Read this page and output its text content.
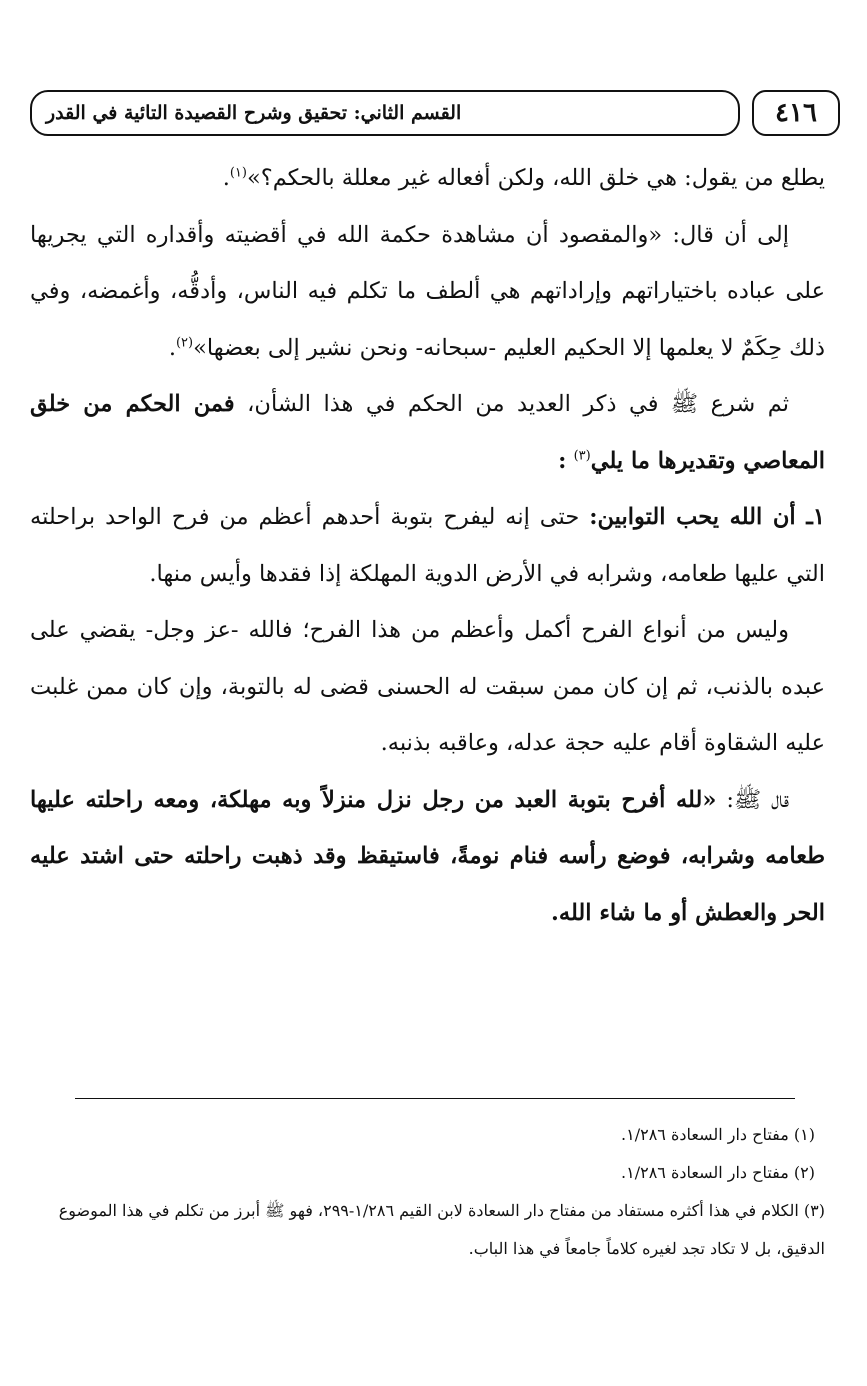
٤١٦
القسم الثاني: تحقيق وشرح القصيدة التائية في القدر

يطلع من يقول: هي خلق الله، ولكن أفعاله غير معللة بالحكم؟»$^{(١)}$.

إلى أن قال: «والمقصود أن مشاهدة حكمة الله في أقضيته وأقداره التي يجريها على عباده باختياراتهم وإراداتهم هي ألطف ما تكلم فيه الناس، وأدقُّه، وأغمضه، وفي ذلك حِكَمٌ لا يعلمها إلا الحكيم العليم -سبحانه- ونحن نشير إلى بعضها»$^{(٢)}$.

ثم شرع ﷺ في ذكر العديد من الحكم في هذا الشأن، فمن الحكم من خلق المعاصي وتقديرها ما يلي$^{(٣)}$ :

١ـ أن الله يحب التوابين: حتى إنه ليفرح بتوبة أحدهم أعظم من فرح الواحد براحلته التي عليها طعامه، وشرابه في الأرض الدوية المهلكة إذا فقدها وأيس منها.

وليس من أنواع الفرح أكمل وأعظم من هذا الفرح؛ فالله -عز وجل- يقضي على عبده بالذنب، ثم إن كان ممن سبقت له الحسنى قضى له بالتوبة، وإن كان ممن غلبت عليه الشقاوة أقام عليه حجة عدله، وعاقبه بذنبه.

قال ﷺ: «لله أفرح بتوبة العبد من رجل نزل منزلاً وبه مهلكة، ومعه راحلته عليها طعامه وشرابه، فوضع رأسه فنام نومةً، فاستيقظ وقد ذهبت راحلته حتى اشتد عليه الحر والعطش أو ما شاء الله.

(١) مفتاح دار السعادة ١/٢٨٦.

(٢) مفتاح دار السعادة ١/٢٨٦.

(٣) الكلام في هذا أكثره مستفاد من مفتاح دار السعادة لابن القيم ١/٢٨٦-٢٩٩، فهو ﷺ أبرز من تكلم في هذا الموضوع الدقيق، بل لا تكاد تجد لغيره كلاماً جامعاً في هذا الباب.
